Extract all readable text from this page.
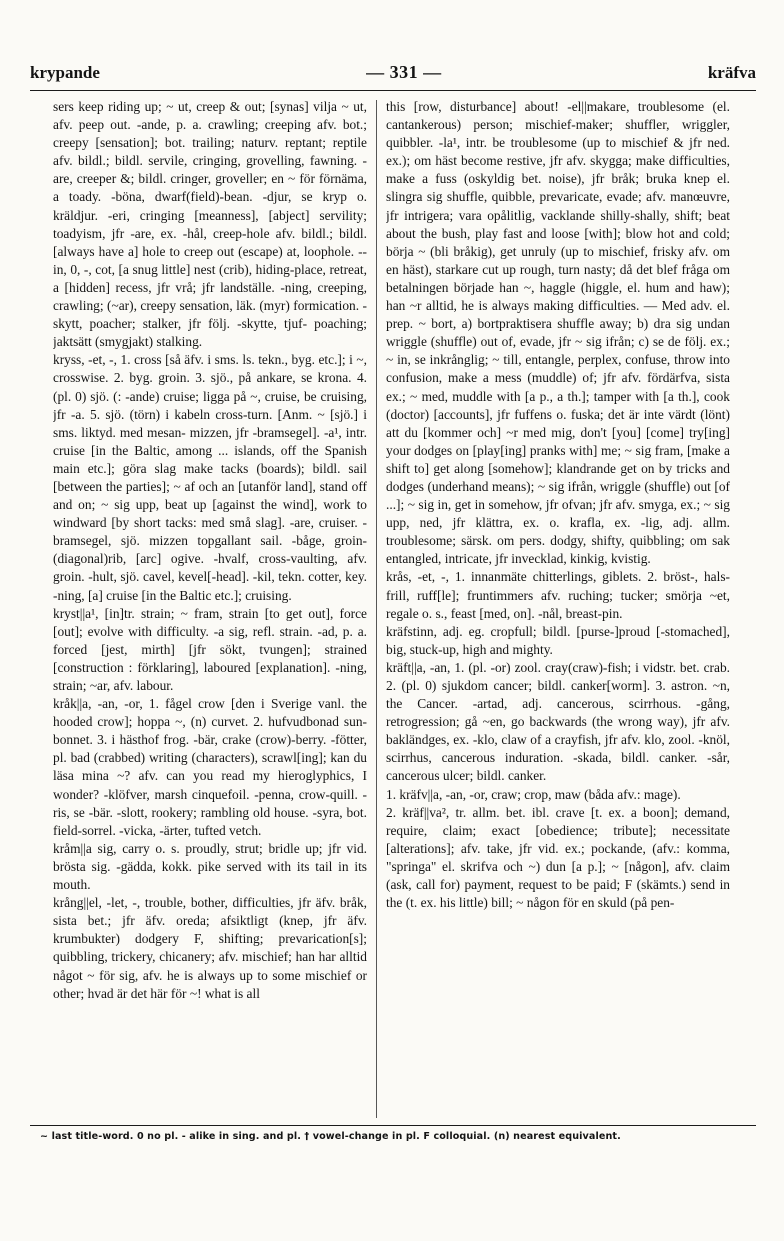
krypande	— 331 —	kräfva

sers keep riding up; ~ ut, creep & out; [synas] vilja ~ ut, afv. peep out. -ande, p. a. crawling; creeping afv. bot.; creepy [sensation]; bot. trailing; naturv. reptant; reptile afv. bildl.; bildl. servile, cringing, grovelling, fawning. -are, creeper &; bildl. cringer, groveller; en ~ för förnäma, a toady. -böna, dwarf(field)-bean. -djur, se kryp o. kräldjur. -eri, cringing [meanness], [abject] servility; toadyism, jfr -are, ex. -hål, creep-hole afv. bildl.; bildl. [always have a] hole to creep out (escape) at, loophole. --in, 0, -, cot, [a snug little] nest (crib), hiding-place, retreat, a [hidden] recess, jfr vrå; jfr landställe. -ning, creeping, crawling; (~ar), creepy sensation, läk. (myr) formication. -skytt, poacher; stalker, jfr följ. -skytte, tjuf- poaching; jaktsätt (smygjakt) stalking.

kryss, -et, -, 1. cross [så äfv. i sms. ls. tekn., byg. etc.]; i ~, crosswise. 2. byg. groin. 3. sjö., på ankare, se krona. 4. (pl. 0) sjö. (: -ande) cruise; ligga på ~, cruise, be cruising, jfr -a. 5. sjö. (törn) i kabeln cross-turn. [Anm. ~ [sjö.] i sms. liktyd. med mesan- mizzen, jfr -bramsegel]. -a¹, intr. cruise [in the Baltic, among ... islands, off the Spanish main etc.]; göra slag make tacks (boards); bildl. sail [between the parties]; ~ af och an [utanför land], stand off and on; ~ sig upp, beat up [against the wind], work to windward [by short tacks: med små slag]. -are, cruiser. -bramsegel, sjö. mizzen topgallant sail. -båge, groin-(diagonal)rib, [arc] ogive. -hvalf, cross-vaulting, afv. groin. -hult, sjö. cavel, kevel[-head]. -kil, tekn. cotter, key. -ning, [a] cruise [in the Baltic etc.]; cruising.

kryst||a¹, [in]tr. strain; ~ fram, strain [to get out], force [out]; evolve with difficulty. -a sig, refl. strain. -ad, p. a. forced [jest, mirth] [jfr sökt, tvungen]; strained [construction : förklaring], laboured [explanation]. -ning, strain; ~ar, afv. labour.

kråk||a, -an, -or, 1. fågel crow [den i Sverige vanl. the hooded crow]; hoppa ~, (n) curvet. 2. hufvudbonad sun-bonnet. 3. i hästhof frog. -bär, crake (crow)-berry. -fötter, pl. bad (crabbed) writing (characters), scrawl[ing]; kan du läsa mina ~? afv. can you read my hieroglyphics, I wonder? -klöfver, marsh cinquefoil. -penna, crow-quill. -ris, se -bär. -slott, rookery; rambling old house. -syra, bot. field-sorrel. -vicka, -ärter, tufted vetch.

kråm||a sig, carry o. s. proudly, strut; bridle up; jfr vid. brösta sig. -gädda, kokk. pike served with its tail in its mouth.

krång||el, -let, -, trouble, bother, difficulties, jfr äfv. bråk, sista bet.; jfr äfv. oreda; afsiktligt (knep, jfr äfv. krumbukter) dodgery F, shifting; prevarication[s]; quibbling, trickery, chicanery; afv. mischief; han har alltid något ~ för sig, afv. he is always up to some mischief or other; hvad är det här för ~! what is all

this [row, disturbance] about! -el||makare, troublesome (el. cantankerous) person; mischief-maker; shuffler, wriggler, quibbler. -la¹, intr. be troublesome (up to mischief & jfr ned. ex.); om häst become restive, jfr afv. skygga; make difficulties, make a fuss (oskyldig bet. noise), jfr bråk; bruka knep el. slingra sig shuffle, quibble, prevaricate, evade; afv. manœuvre, jfr intrigera; vara opålitlig, vacklande shilly-shally, shift; beat about the bush, play fast and loose [with]; blow hot and cold; börja ~ (bli bråkig), get unruly (up to mischief, frisky afv. om en häst), starkare cut up rough, turn nasty; då det blef fråga om betalningen började han ~, haggle (higgle, el. hum and haw); han ~r alltid, he is always making difficulties. — Med adv. el. prep. ~ bort, a) bortpraktisera shuffle away; b) dra sig undan wriggle (shuffle) out of, evade, jfr ~ sig ifrån; c) se de följ. ex.; ~ in, se inkrånglig; ~ till, entangle, perplex, confuse, throw into confusion, make a mess (muddle) of; jfr afv. fördärfva, sista ex.; ~ med, muddle with [a p., a th.]; tamper with [a th.], cook (doctor) [accounts], jfr fuffens o. fuska; det är inte värdt (lönt) att du [kommer och] ~r med mig, don't [you] [come] try[ing] your dodges on [play[ing] pranks with] me; ~ sig fram, [make a shift to] get along [somehow]; klandrande get on by tricks and dodges (underhand means); ~ sig ifrån, wriggle (shuffle) out [of ...]; ~ sig in, get in somehow, jfr ofvan; jfr afv. smyga, ex.; ~ sig upp, ned, jfr klättra, ex. o. krafla, ex. -lig, adj. allm. troublesome; särsk. om pers. dodgy, shifty, quibbling; om sak entangled, intricate, jfr invecklad, kinkig, kvistig.

krås, -et, -, 1. innanmäte chitterlings, giblets. 2. bröst-, hals- frill, ruff[le]; fruntimmers afv. ruching; tucker; smörja ~et, regale o. s., feast [med, on]. -nål, breast-pin.

kräfstinn, adj. eg. cropfull; bildl. [purse-]proud [-stomached], big, stuck-up, high and mighty.

kräft||a, -an, 1. (pl. -or) zool. cray(craw)-fish; i vidstr. bet. crab. 2. (pl. 0) sjukdom cancer; bildl. canker[worm]. 3. astron. ~n, the Cancer. -artad, adj. cancerous, scirrhous. -gång, retrogression; gå ~en, go backwards (the wrong way), jfr afv. bakländges, ex. -klo, claw of a crayfish, jfr afv. klo, zool. -knöl, scirrhus, cancerous induration. -skada, bildl. canker. -sår, cancerous ulcer; bildl. canker.

1. kräfv||a, -an, -or, craw; crop, maw (båda afv.: mage).

2. kräf||va², tr. allm. bet. ibl. crave [t. ex. a boon]; demand, require, claim; exact [obedience; tribute]; necessitate [alterations]; afv. take, jfr vid. ex.; pockande, (afv.: komma, "springa" el. skrifva och ~) dun [a p.]; ~ [någon], afv. claim (ask, call for) payment, request to be paid; F (skämts.) send in the (t. ex. his little) bill; ~ någon för en skuld (på pen-

~ last title-word. 0 no pl. - alike in sing. and pl. † vowel-change in pl. F colloquial. (n) nearest equivalent.
